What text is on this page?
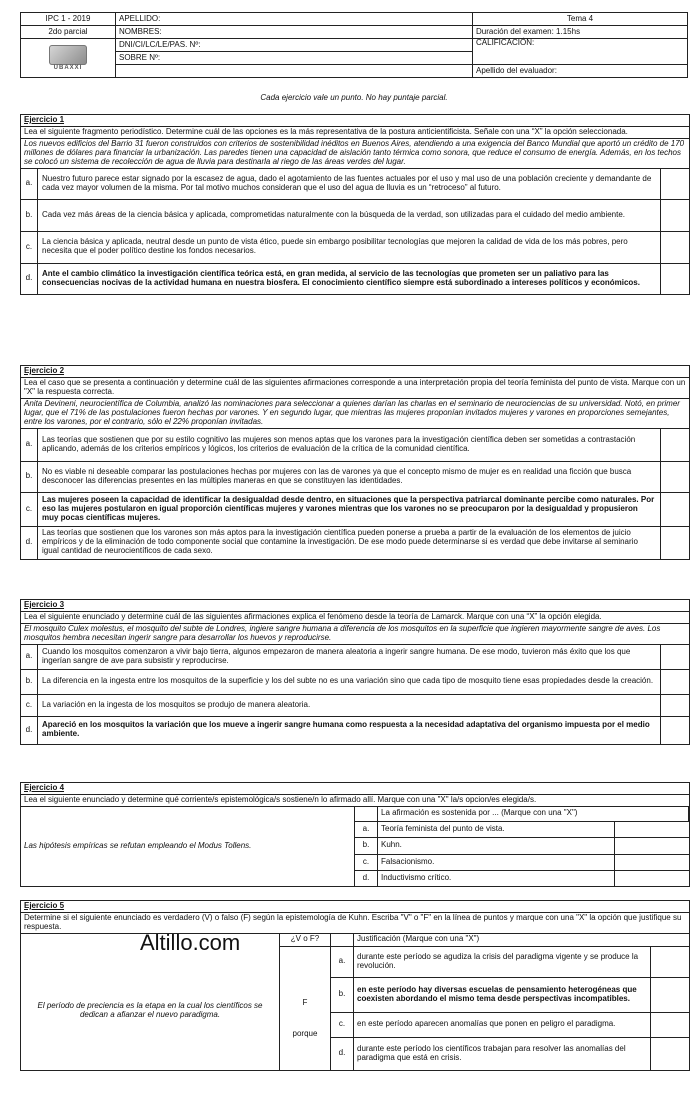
IPC 1 - 2019	APELLIDO:	Tema 4
2do parcial	NOMBRES:	Duración del examen: 1.15hs

UBAXXI	DNI/CI/LC/LE/PAS. Nº:	CALIFICACIÓN:
	SOBRE Nº:	
		Apellido del evaluador:
Cada ejercicio vale un punto. No hay puntaje parcial.
Ejercicio 1
Lea el siguiente fragmento periodístico. Determine cuál de las opciones es la más representativa de la postura anticientificista. Señale con una “X” la opción seleccionada.
Los nuevos edificios del Barrio 31 fueron construidos con criterios de sostenibilidad inéditos en Buenos Aires, atendiendo a una exigencia del Banco Mundial que aportó un crédito de 170 millones de dólares para financiar la urbanización. Las paredes tienen una capacidad de aislación tanto térmica como sonora, que reduce el consumo de energía. Además, en los techos se colocó un sistema de recolección de agua de lluvia para destinarla al riego de las áreas verdes del lugar.
a.	Nuestro futuro parece estar signado por la escasez de agua, dado el agotamiento de las fuentes actuales por el uso y mal uso de una población creciente y demandante de cada vez mayor volumen de la misma. Por tal motivo muchos consideran que el uso del agua de lluvia es un “retroceso” al futuro.	
b.	Cada vez más áreas de la ciencia básica y aplicada, comprometidas naturalmente con la búsqueda de la verdad, son utilizadas para el cuidado del medio ambiente.	
c.	La ciencia básica y aplicada, neutral desde un punto de vista ético, puede sin embargo posibilitar tecnologías que mejoren la calidad de vida de los más pobres, pero necesita que el poder político destine los fondos necesarios.	
d.	Ante el cambio climático la investigación científica teórica está, en gran medida, al servicio de las tecnologías que prometen ser un paliativo para las consecuencias nocivas de la actividad humana en nuestra biosfera. El conocimiento científico siempre está subordinado a intereses políticos y económicos.	
Ejercicio 2
Lea el caso que se presenta a continuación y determine cuál de las siguientes afirmaciones corresponde a una interpretación propia del teoría feminista del punto de vista. Marque con un "X" la respuesta correcta.
Anita Devineni, neurocientífica de Columbia, analizó las nominaciones para seleccionar a quienes darían las charlas en el seminario de neurociencias de su universidad. Notó, en primer lugar, que el 71% de las postulaciones fueron hechas por varones. Y en segundo lugar, que mientras las mujeres proponían invitados mujeres y varones en proporciones semejantes, entre los varones, por el contrario, sólo el 22% proponían invitadas.
a.	Las teorías que sostienen que por su estilo cognitivo las mujeres son menos aptas que los varones para la investigación científica deben ser sometidas a contrastación aplicando, además de los criterios empíricos y lógicos, los criterios de evaluación de la crítica de la comunidad científica.	
b.	No es viable ni deseable comparar las postulaciones hechas por mujeres con las de varones ya que el concepto mismo de mujer es en realidad una ficción que busca desconocer las diferencias presentes en las múltiples maneras en que se constituyen las identidades.	
c.	Las mujeres poseen la capacidad de identificar la desigualdad desde dentro, en situaciones que la perspectiva patriarcal dominante percibe como naturales. Por eso las mujeres postularon en igual proporción científicas mujeres y varones mientras que los varones no se preocuparon por la desigualdad y propusieron muy pocas científicas mujeres.	
d.	Las teorías que sostienen que los varones son más aptos para la investigación científica pueden ponerse a prueba a partir de la evaluación de los elementos de juicio empíricos y de la eliminación de todo componente social que contamine la investigación. De ese modo puede determinarse si es verdad que debe invitarse al seminario igual cantidad de neurocientíficos de cada sexo.	
Ejercicio 3
Lea el siguiente enunciado y determine cuál de las siguientes afirmaciones explica el fenómeno desde la teoría de Lamarck. Marque con una “X” la opción elegida.
El mosquito Culex molestus, el mosquito del subte de Londres, ingiere sangre humana a diferencia de los mosquitos en la superficie que ingieren mayormente sangre de aves. Los mosquitos hembra necesitan ingerir sangre para desarrollar los huevos y reproducirse.
a.	Cuando los mosquitos comenzaron a vivir bajo tierra, algunos empezaron de manera aleatoria a ingerir sangre humana. De ese modo, tuvieron más éxito que los que ingerían sangre de ave para subsistir y reproducirse.	
b.	La diferencia en la ingesta entre los mosquitos de la superficie y los del subte no es una variación sino que cada tipo de mosquito tiene esas propiedades desde la creación.	
c.	La variación en la ingesta de los mosquitos se produjo de manera aleatoria.	
d.	Apareció en los mosquitos la variación que los mueve a ingerir sangre humana como respuesta a la necesidad adaptativa del organismo impuesta por el medio ambiente.	
Ejercicio 4
Lea el siguiente enunciado y determine qué corriente/s epistemológica/s sostiene/n lo afirmado allí. Marque con una "X" la/s opcion/es elegida/s.
Las hipótesis empíricas se refutan empleando el Modus Tollens.
	La afirmación es sostenida por ... (Marque con una "X")	
a.	Teoría feminista del punto de vista.	
b.	Kuhn.	
c.	Falsacionismo.	
d.	Inductivismo crítico.	
Ejercicio 5
Determine si el siguiente enunciado es verdadero (V) o falso (F) según la epistemología de Kuhn. Escriba "V" o "F" en la línea de puntos y marque con una "X" la opción que justifique su respuesta.
El período de preciencia es la etapa en la cual los científicos se dedican a afianzar el nuevo paradigma.	¿V o F?		Justificación (Marque con una "X")	

	F
porque	a.	durante este período se agudiza la crisis del paradigma vigente y se produce la revolución.	
		b.	en este período hay diversas escuelas de pensamiento heterogéneas que coexisten abordando el mismo tema desde perspectivas incompatibles.	
		c.	en este período aparecen anomalías que ponen en peligro el paradigma.	
		d.	durante este período los científicos trabajan para resolver las anomalías del paradigma que está en crisis.	
Altillo.com
